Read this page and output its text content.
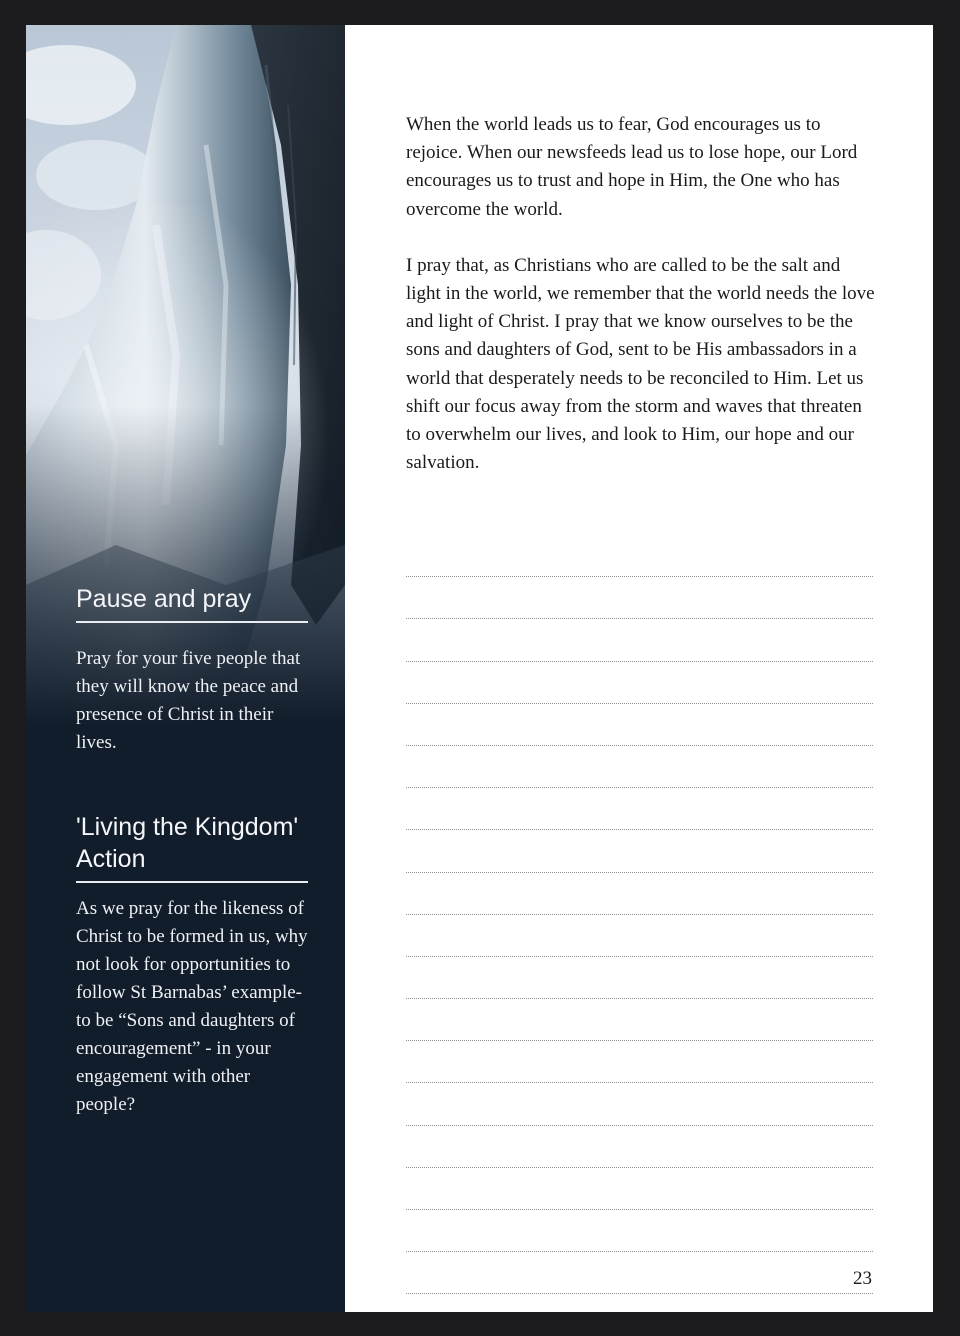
Pause and pray

Pray for your five people that they will know the peace and presence of Christ in their lives.

'Living the Kingdom' Action

As we pray for the likeness of Christ to be formed in us, why not look for opportunities to follow St Barnabas’ example- to be “Sons and daughters of encouragement” - in your engagement with other people?

When the world leads us to fear, God encourages us to rejoice. When our newsfeeds lead us to lose hope, our Lord encourages us to trust and hope in Him, the One who has overcome the world.

I pray that, as Christians who are called to be the salt and light in the world, we remember that the world needs the love and light of Christ. I pray that we know ourselves to be the sons and daughters of God, sent to be His ambassadors in a world that desperately needs to be reconciled to Him. Let us shift our focus away from the storm and waves that threaten to overwhelm our lives, and look to Him, our hope and our salvation.

23
